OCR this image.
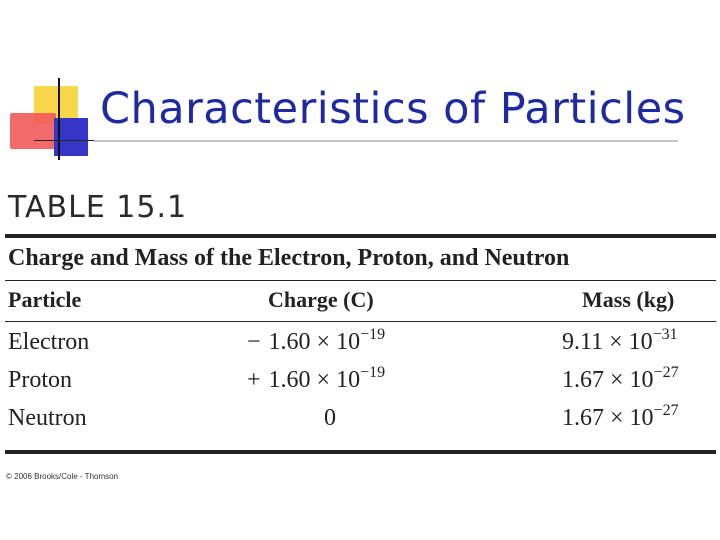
Characteristics of Particles
TABLE 15.1
Charge and Mass of the Electron, Proton, and Neutron
Particle	Charge (C)	Mass (kg)
Electron	− $1.60 \times 10^{-19}$	$9.11 \times 10^{-31}$
Proton	+ $1.60 \times 10^{-19}$	$1.67 \times 10^{-27}$
Neutron	0	$1.67 \times 10^{-27}$
© 2006 Brooks/Cole - Thomson
